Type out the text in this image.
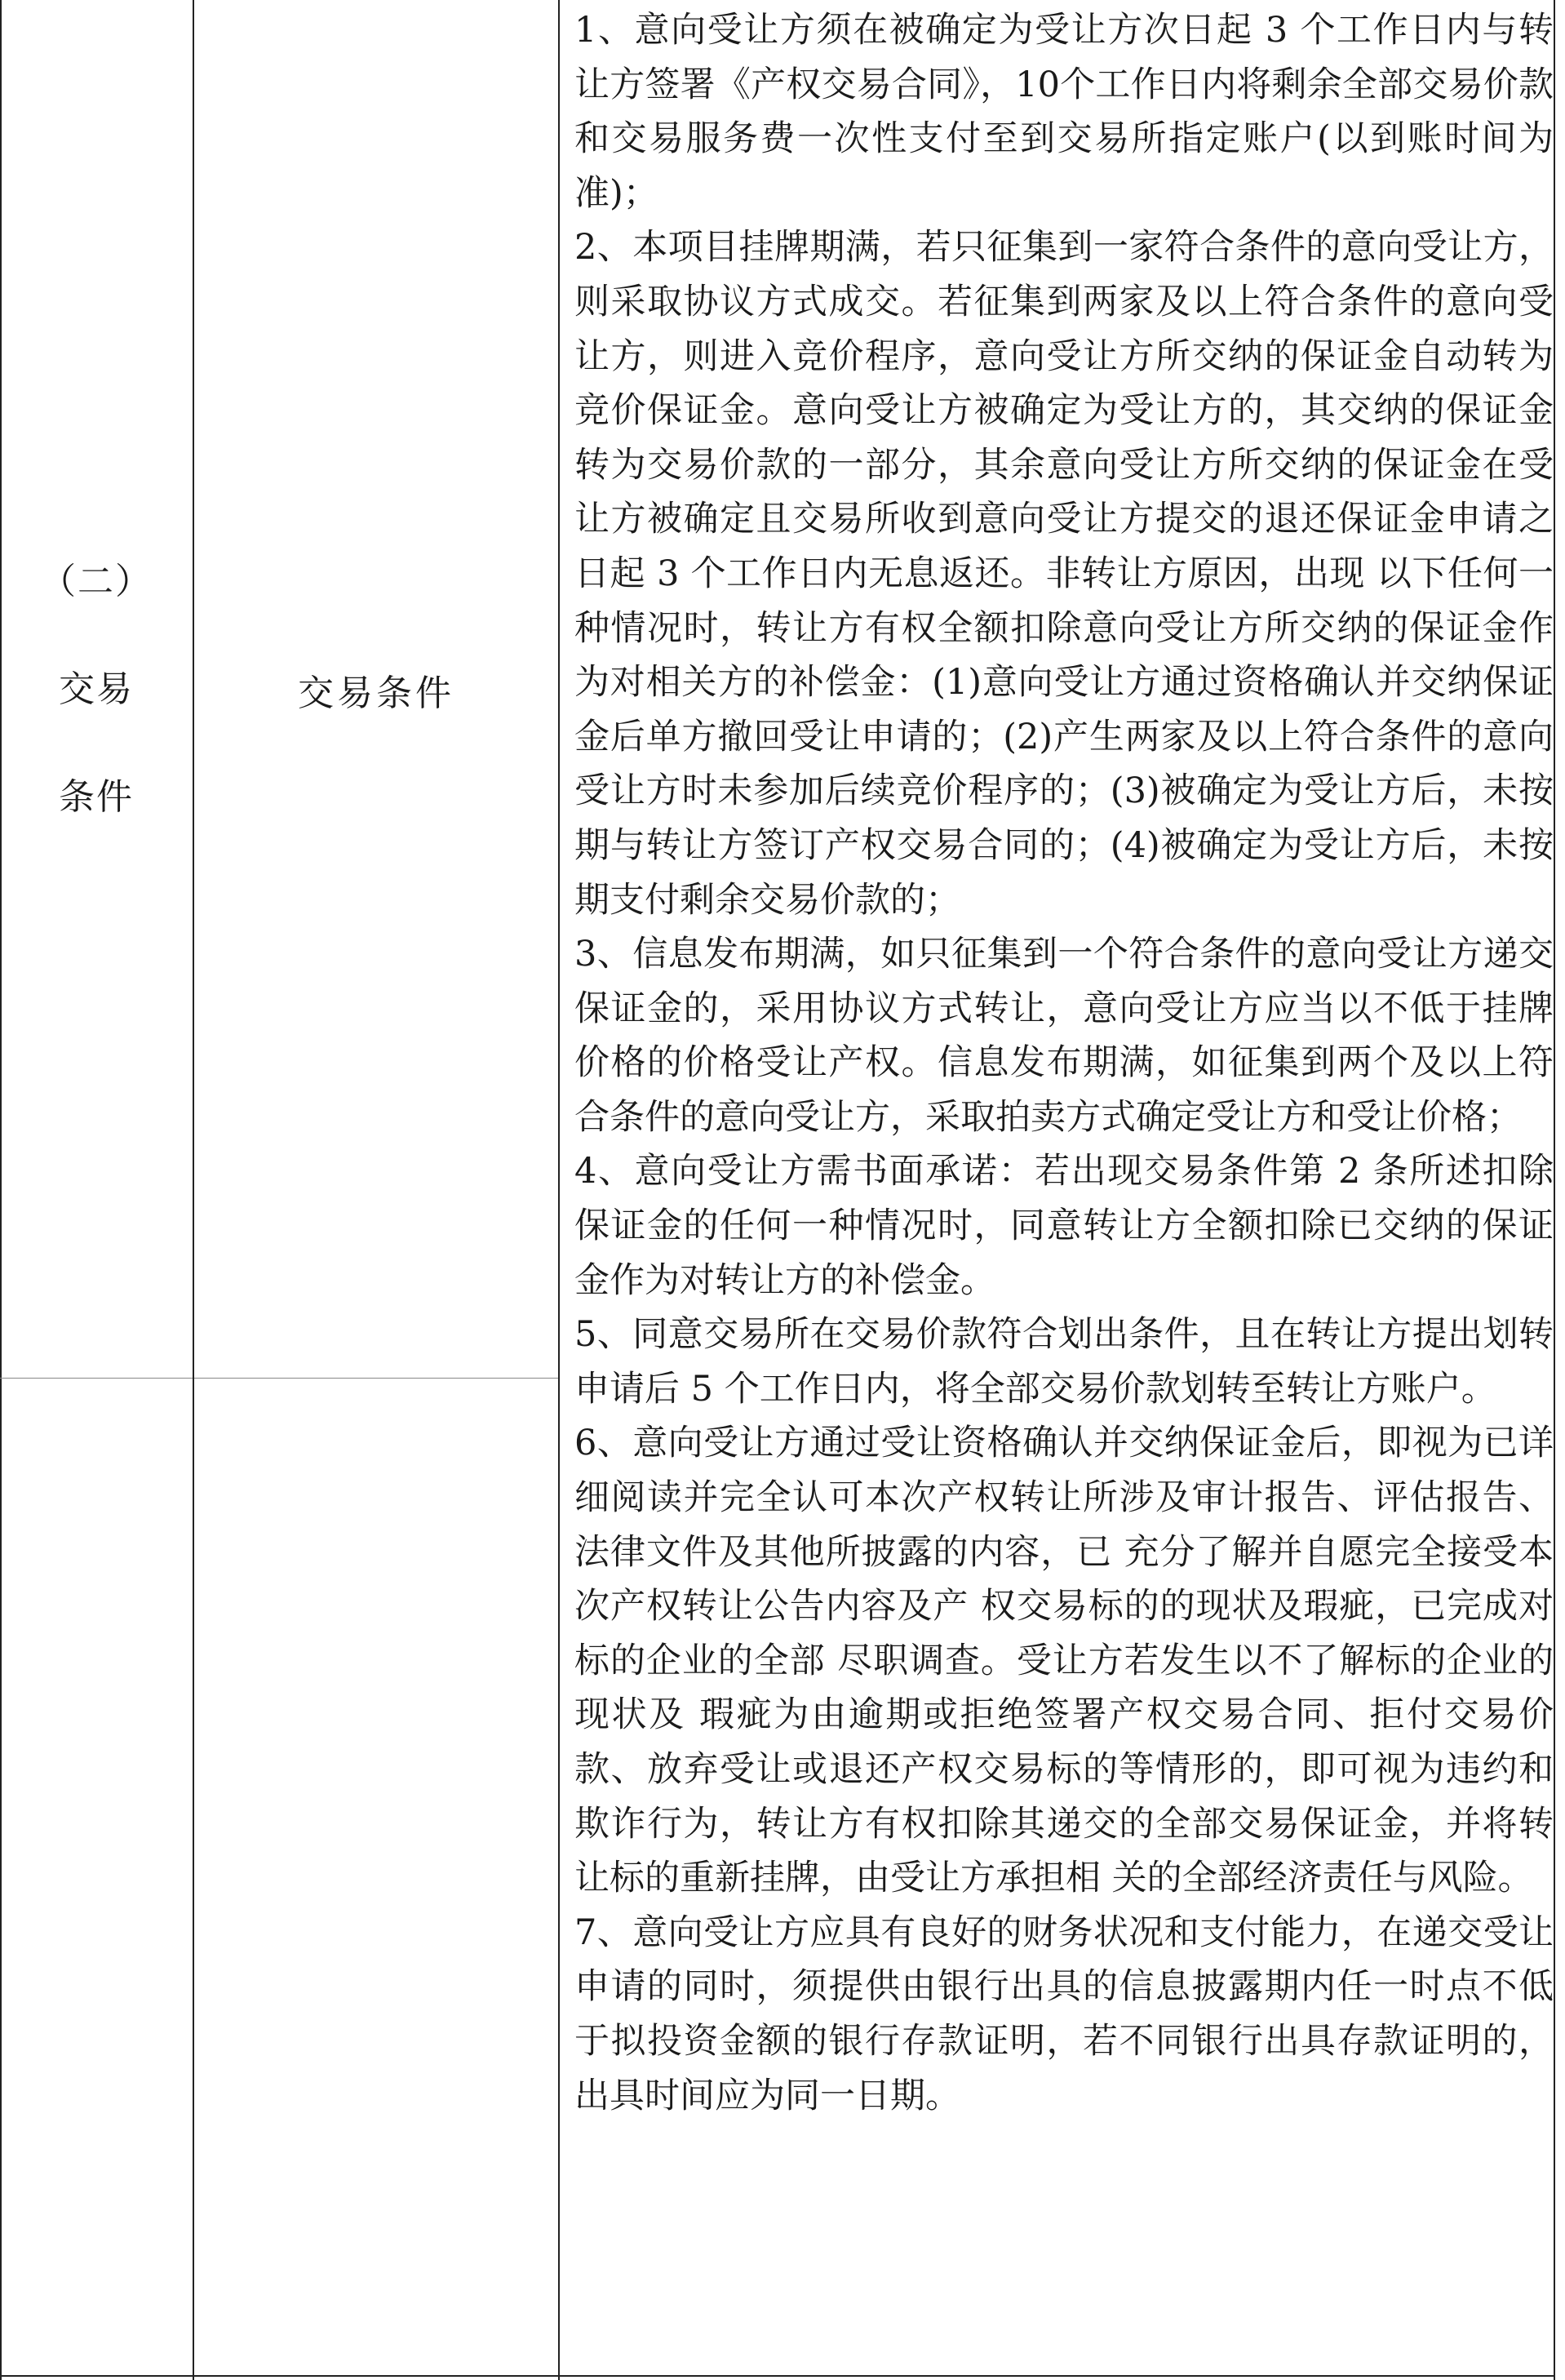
（二）

交易

条件

交易条件

1、意向受让方须在被确定为受让方次日起 3 个工作日内与转让方签署《产权交易合同》，10个工作日内将剩余全部交易价款和交易服务费一次性支付至到交易所指定账户(以到账时间为准)；

2、本项目挂牌期满，若只征集到一家符合条件的意向受让方，则采取协议方式成交。若征集到两家及以上符合条件的意向受让方，则进入竞价程序，意向受让方所交纳的保证金自动转为竞价保证金。意向受让方被确定为受让方的，其交纳的保证金转为交易价款的一部分，其余意向受让方所交纳的保证金在受让方被确定且交易所收到意向受让方提交的退还保证金申请之日起 3 个工作日内无息返还。非转让方原因，出现 以下任何一种情况时，转让方有权全额扣除意向受让方所交纳的保证金作为对相关方的补偿金：(1)意向受让方通过资格确认并交纳保证金后单方撤回受让申请的；(2)产生两家及以上符合条件的意向受让方时未参加后续竞价程序的；(3)被确定为受让方后，未按期与转让方签订产权交易合同的；(4)被确定为受让方后，未按期支付剩余交易价款的；

3、信息发布期满，如只征集到一个符合条件的意向受让方递交保证金的，采用协议方式转让，意向受让方应当以不低于挂牌价格的价格受让产权。信息发布期满，如征集到两个及以上符合条件的意向受让方，采取拍卖方式确定受让方和受让价格；

4、意向受让方需书面承诺：若出现交易条件第 2 条所述扣除保证金的任何一种情况时，同意转让方全额扣除已交纳的保证金作为对转让方的补偿金。

5、同意交易所在交易价款符合划出条件，且在转让方提出划转申请后 5 个工作日内，将全部交易价款划转至转让方账户。

6、意向受让方通过受让资格确认并交纳保证金后，即视为已详细阅读并完全认可本次产权转让所涉及审计报告、评估报告、法律文件及其他所披露的内容，已 充分了解并自愿完全接受本次产权转让公告内容及产 权交易标的的现状及瑕疵，已完成对标的企业的全部 尽职调查。受让方若发生以不了解标的企业的现状及 瑕疵为由逾期或拒绝签署产权交易合同、拒付交易价款、放弃受让或退还产权交易标的等情形的，即可视为违约和欺诈行为，转让方有权扣除其递交的全部交易保证金，并将转让标的重新挂牌，由受让方承担相 关的全部经济责任与风险。

7、意向受让方应具有良好的财务状况和支付能力，在递交受让申请的同时，须提供由银行出具的信息披露期内任一时点不低于拟投资金额的银行存款证明，若不同银行出具存款证明的，出具时间应为同一日期。
